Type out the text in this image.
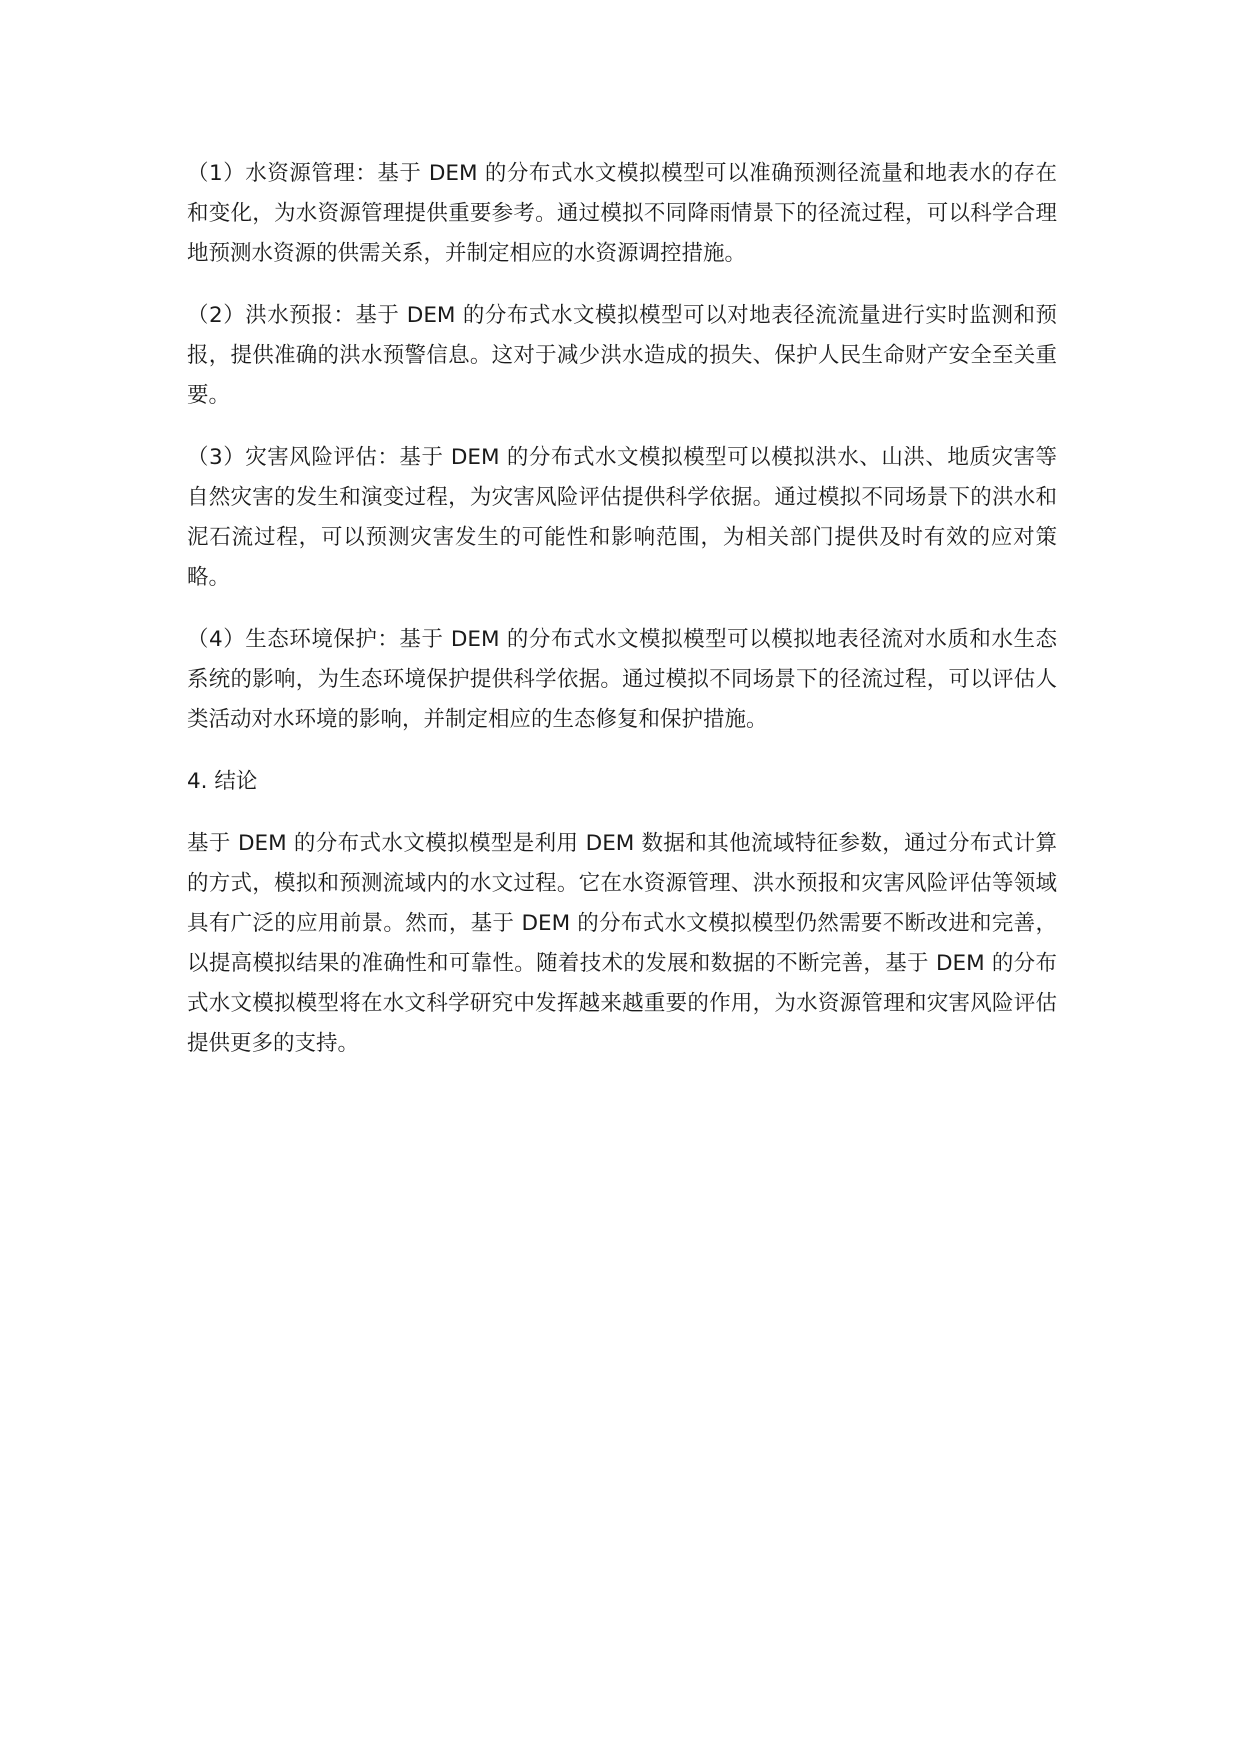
（1）水资源管理：基于 DEM 的分布式水文模拟模型可以准确预测径流量和地表水的存在和变化，为水资源管理提供重要参考。通过模拟不同降雨情景下的径流过程，可以科学合理地预测水资源的供需关系，并制定相应的水资源调控措施。

（2）洪水预报：基于 DEM 的分布式水文模拟模型可以对地表径流流量进行实时监测和预报，提供准确的洪水预警信息。这对于减少洪水造成的损失、保护人民生命财产安全至关重要。

（3）灾害风险评估：基于 DEM 的分布式水文模拟模型可以模拟洪水、山洪、地质灾害等自然灾害的发生和演变过程，为灾害风险评估提供科学依据。通过模拟不同场景下的洪水和泥石流过程，可以预测灾害发生的可能性和影响范围，为相关部门提供及时有效的应对策略。

（4）生态环境保护：基于 DEM 的分布式水文模拟模型可以模拟地表径流对水质和水生态系统的影响，为生态环境保护提供科学依据。通过模拟不同场景下的径流过程，可以评估人类活动对水环境的影响，并制定相应的生态修复和保护措施。

4. 结论

基于 DEM 的分布式水文模拟模型是利用 DEM 数据和其他流域特征参数，通过分布式计算的方式，模拟和预测流域内的水文过程。它在水资源管理、洪水预报和灾害风险评估等领域具有广泛的应用前景。然而，基于 DEM 的分布式水文模拟模型仍然需要不断改进和完善，以提高模拟结果的准确性和可靠性。随着技术的发展和数据的不断完善，基于 DEM 的分布式水文模拟模型将在水文科学研究中发挥越来越重要的作用，为水资源管理和灾害风险评估提供更多的支持。
